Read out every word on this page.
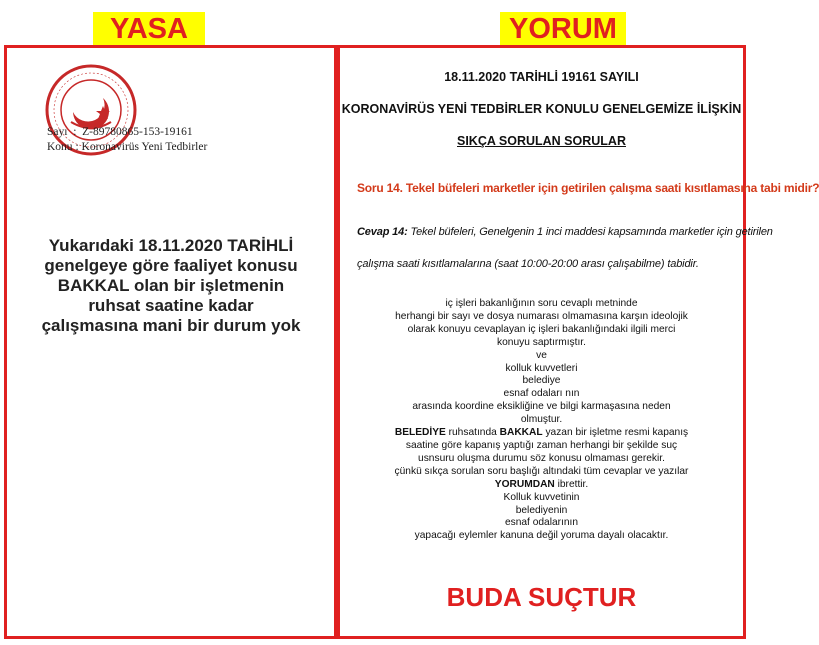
YASA	YORUM
Sayı  :  Z-89780865-153-19161
Konu : Koronavirüs Yeni Tedbirler
Yukarıdaki 18.11.2020 TARİHLİ
genelgeye göre faaliyet konusu
BAKKAL olan bir işletmenin
ruhsat saatine kadar
çalışmasına mani bir durum yok
18.11.2020 TARİHLİ 19161 SAYILI
KORONAVİRÜS YENİ TEDBİRLER KONULU GENELGEMİZE İLİŞKİN
SIKÇA SORULAN SORULAR
Soru 14. Tekel büfeleri marketler için getirilen çalışma saati kısıtlamasına tabi midir?
Cevap 14: Tekel büfeleri, Genelgenin 1 inci maddesi kapsamında marketler için getirilen
çalışma saati kısıtlamalarına (saat 10:00-20:00 arası çalışabilme) tabidir.
iç işleri bakanlığının soru cevaplı metninde
herhangi bir sayı ve dosya numarası olmamasına karşın ideolojik
olarak konuyu cevaplayan iç işleri bakanlığındaki ilgili merci
konuyu saptırmıştır.
ve
kolluk kuvvetleri
belediye
esnaf odaları nın
arasında koordine eksikliğine ve bilgi karmaşasına neden
olmuştur.
BELEDİYE ruhsatında BAKKAL yazan bir işletme resmi kapanış
saatine göre kapanış yaptığı zaman herhangi bir şekilde suç
usnsuru oluşma durumu söz konusu olmaması gerekir.
çünkü sıkça sorulan soru başlığı altındaki tüm cevaplar ve yazılar
YORUMDAN ibrettir.
Kolluk kuvvetinin
belediyenin
esnaf odalarının
yapacağı eylemler kanuna değil yoruma dayalı olacaktır.
BUDA SUÇTUR
